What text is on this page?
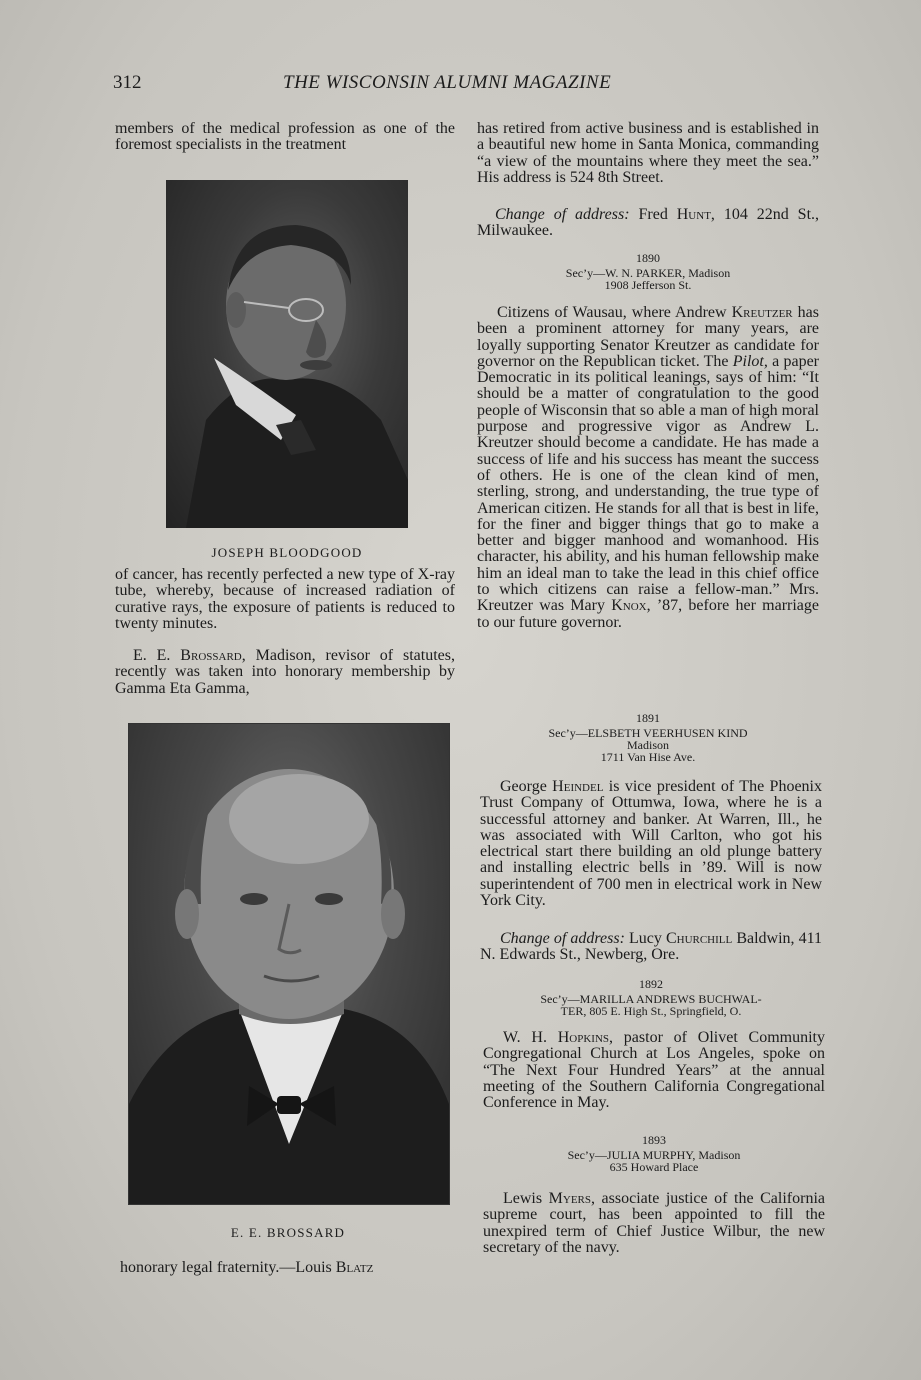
312	THE WISCONSIN ALUMNI MAGAZINE

members of the medical profession as one of the foremost specialists in the treatment

JOSEPH BLOODGOOD

of cancer, has recently perfected a new type of X-ray tube, whereby, because of increased radiation of curative rays, the exposure of patients is reduced to twenty minutes.

E. E. Brossard, Madison, revisor of statutes, recently was taken into honorary membership by Gamma Eta Gamma,

E. E. BROSSARD

honorary legal fraternity.—Louis Blatz

has retired from active business and is established in a beautiful new home in Santa Monica, commanding “a view of the mountains where they meet the sea.” His address is 524 8th Street.

Change of address: Fred Hunt, 104 22nd St., Milwaukee.

1890
Sec’y—W. N. PARKER, Madison
1908 Jefferson St.

Citizens of Wausau, where Andrew Kreutzer has been a prominent attorney for many years, are loyally supporting Senator Kreutzer as candidate for governor on the Republican ticket. The Pilot, a paper Democratic in its political leanings, says of him: “It should be a matter of congratulation to the good people of Wisconsin that so able a man of high moral purpose and progressive vigor as Andrew L. Kreutzer should become a candidate. He has made a success of life and his success has meant the success of others. He is one of the clean kind of men, sterling, strong, and understanding, the true type of American citizen. He stands for all that is best in life, for the finer and bigger things that go to make a better and bigger manhood and womanhood. His character, his ability, and his human fellowship make him an ideal man to take the lead in this chief office to which citizens can raise a fellow-man.” Mrs. Kreutzer was Mary Knox, ’87, before her marriage to our future governor.

1891
Sec’y—ELSBETH VEERHUSEN KIND
Madison
1711 Van Hise Ave.

George Heindel is vice president of The Phoenix Trust Company of Ottumwa, Iowa, where he is a successful attorney and banker. At Warren, Ill., he was associated with Will Carlton, who got his electrical start there building an old plunge battery and installing electric bells in ’89. Will is now superintendent of 700 men in electrical work in New York City.

Change of address: Lucy Churchill Baldwin, 411 N. Edwards St., Newberg, Ore.

1892
Sec’y—MARILLA ANDREWS BUCHWAL-
TER, 805 E. High St., Springfield, O.

W. H. Hopkins, pastor of Olivet Community Congregational Church at Los Angeles, spoke on “The Next Four Hundred Years” at the annual meeting of the Southern California Congregational Conference in May.

1893
Sec’y—JULIA MURPHY, Madison
635 Howard Place

Lewis Myers, associate justice of the California supreme court, has been appointed to fill the unexpired term of Chief Justice Wilbur, the new secretary of the navy.
